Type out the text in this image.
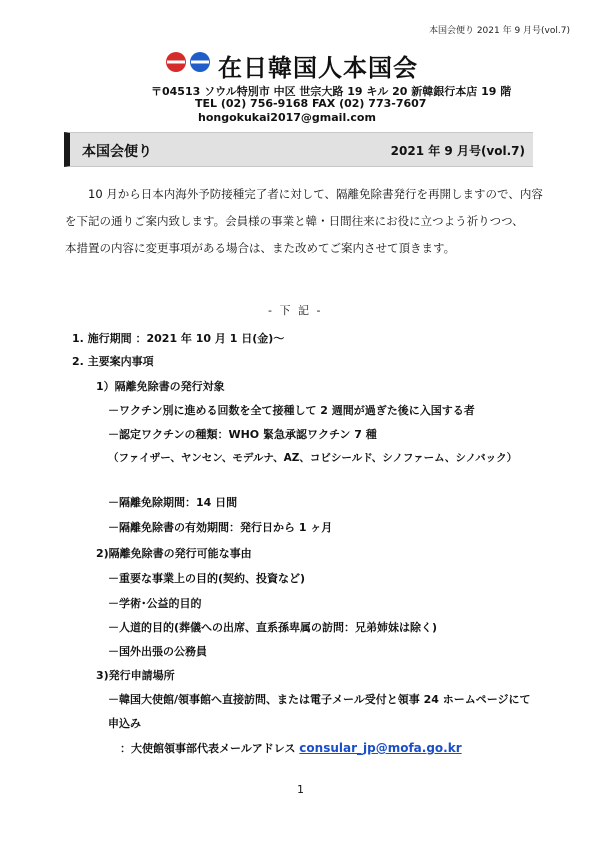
本国会便り 2021 年 9 月号(vol.7)
在日韓国人本国会
〒04513 ソウル特別市 中区 世宗大路 19 キル 20 新韓銀行本店 19 階
TEL (02) 756-9168 FAX (02) 773-7607
hongokukai2017@gmail.com
本国会便り	2021 年 9 月号(vol.7)
10 月から日本内海外予防接種完了者に対して、隔離免除書発行を再開しますので、内容
を下記の通りご案内致します。会員様の事業と韓・日間往来にお役に立つよう祈りつつ、
本措置の内容に変更事項がある場合は、また改めてご案内させて頂きます。
- 下 記 -
1. 施行期間 ：2021 年 10 月 1 日(金)〜
2. 主要案内事項
1）隔離免除書の発行対象
－ワクチン別に進める回数を全て接種して 2 週間が過ぎた後に入国する者
－認定ワクチンの種類：WHO 緊急承認ワクチン 7 種
（ファイザー、ヤンセン、モデルナ、AZ、コビシールド、シノファーム、シノバック）
－隔離免除期間：14 日間
－隔離免除書の有効期間：発行日から 1 ヶ月
2)隔離免除書の発行可能な事由
－重要な事業上の目的(契約、投資など)
－学術･公益的目的
－人道的目的(葬儀への出席、直系孫卑属の訪問：兄弟姉妹は除く)
－国外出張の公務員
3)発行申請場所
－韓国大使館/領事館へ直接訪問、または電子メール受付と領事 24 ホームページにて
申込み
：大使館領事部代表メールアドレス consular_jp@mofa.go.kr
1
